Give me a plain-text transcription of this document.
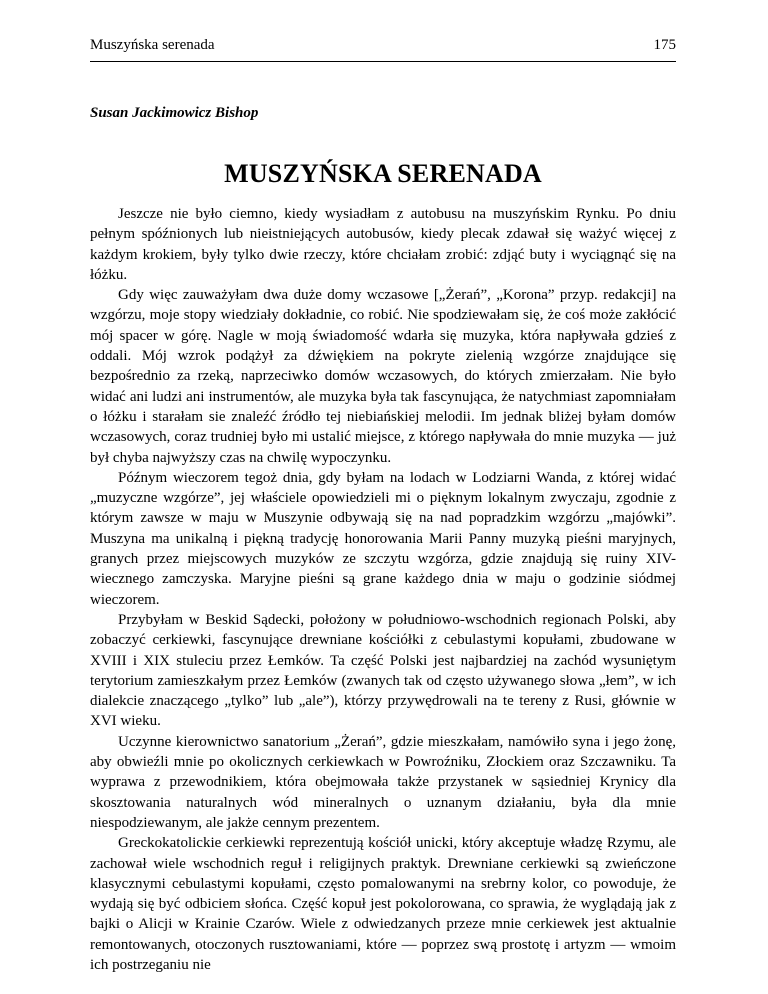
Muszyńska serenada	175
Susan Jackimowicz Bishop
MUSZYŃSKA SERENADA

Jeszcze nie było ciemno, kiedy wysiadłam z autobusu na muszyńskim Rynku. Po dniu pełnym spóźnionych lub nieistniejących autobusów, kiedy plecak zdawał się ważyć więcej z każdym krokiem, były tylko dwie rzeczy, które chciałam zrobić: zdjąć buty i wyciągnąć się na łóżku.

Gdy więc zauważyłam dwa duże domy wczasowe [„Żerań”, „Korona” przyp. redakcji] na wzgórzu, moje stopy wiedziały dokładnie, co robić. Nie spodziewałam się, że coś może zakłócić mój spacer w górę. Nagle w moją świadomość wdarła się muzyka, która napływała gdzieś z oddali. Mój wzrok podążył za dźwiękiem na pokryte zielenią wzgórze znajdujące się bezpośrednio za rzeką, naprzeciwko domów wczasowych, do których zmierzałam. Nie było widać ani ludzi ani instrumentów, ale muzyka była tak fascynująca, że natychmiast zapomniałam o łóżku i starałam sie znaleźć źródło tej niebiańskiej melodii. Im jednak bliżej byłam domów wczasowych, coraz trudniej było mi ustalić miejsce, z którego napływała do mnie muzyka — już był chyba najwyższy czas na chwilę wypoczynku.

Późnym wieczorem tegoż dnia, gdy byłam na lodach w Lodziarni Wanda, z której widać „muzyczne wzgórze”, jej właściele opowiedzieli mi o pięknym lokalnym zwyczaju, zgodnie z którym zawsze w maju w Muszynie odbywają się na nad popradzkim wzgórzu „majówki”. Muszyna ma unikalną i piękną tradycję honorowania Marii Panny muzyką pieśni maryjnych, granych przez miejscowych muzyków ze szczytu wzgórza, gdzie znajdują się ruiny XIV-wiecznego zamczyska. Maryjne pieśni są grane każdego dnia w maju o godzinie siódmej wieczorem.

Przybyłam w Beskid Sądecki, położony w południowo-wschodnich regionach Polski, aby zobaczyć cerkiewki, fascynujące drewniane kościółki z cebulastymi kopułami, zbudowane w XVIII i XIX stuleciu przez Łemków. Ta część Polski jest najbardziej na zachód wysuniętym terytorium zamieszkałym przez Łemków (zwanych tak od często używanego słowa „łem”, w ich dialekcie znaczącego „tylko” lub „ale”), którzy przywędrowali na te tereny z Rusi, głównie w XVI wieku.

Uczynne kierownictwo sanatorium „Żerań”, gdzie mieszkałam, namówiło syna i jego żonę, aby obwieźli mnie po okolicznych cerkiewkach w Powroźniku, Złockiem oraz Szczawniku. Ta wyprawa z przewodnikiem, która obejmowała także przystanek w sąsiedniej Krynicy dla skosztowania naturalnych wód mineralnych o uznanym działaniu, była dla mnie niespodziewanym, ale jakże cennym prezentem.

Greckokatolickie cerkiewki reprezentują kościół unicki, który akceptuje władzę Rzymu, ale zachował wiele wschodnich reguł i religijnych praktyk. Drewniane cerkiewki są zwieńczone klasycznymi cebulastymi kopułami, często pomalowanymi na srebrny kolor, co powoduje, że wydają się być odbiciem słońca. Część kopuł jest pokolorowana, co sprawia, że wyglądają jak z bajki o Alicji w Krainie Czarów. Wiele z odwiedzanych przeze mnie cerkiewek jest aktualnie remontowanych, otoczonych rusztowaniami, które — poprzez swą prostotę i artyzm — wmoim ich postrzeganiu nie
